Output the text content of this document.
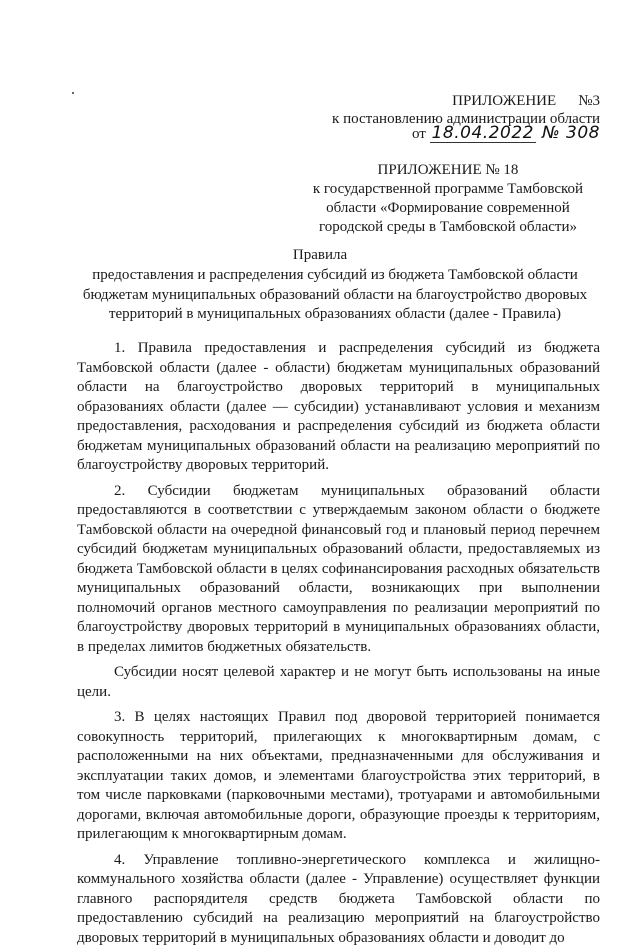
ПРИЛОЖЕНИЕ №3
к постановлению администрации области
от 18.04.2022 № 308
ПРИЛОЖЕНИЕ № 18
к государственной программе Тамбовской
области «Формирование современной
городской среды в Тамбовской области»
Правила
предоставления и распределения субсидий из бюджета Тамбовской области бюджетам муниципальных образований области на благоустройство дворовых территорий в муниципальных образованиях области (далее - Правила)

1. Правила предоставления и распределения субсидий из бюджета Тамбовской области (далее - области) бюджетам муниципальных образований области на благоустройство дворовых территорий в муниципальных образованиях области (далее — субсидии) устанавливают условия и механизм предоставления, расходования и распределения субсидий из бюджета области бюджетам муниципальных образований области на реализацию мероприятий по благоустройству дворовых территорий.

2. Субсидии бюджетам муниципальных образований области предоставляются в соответствии с утверждаемым законом области о бюджете Тамбовской области на очередной финансовый год и плановый период перечнем субсидий бюджетам муниципальных образований области, предоставляемых из бюджета Тамбовской области в целях софинансирования расходных обязательств муниципальных образований области, возникающих при выполнении полномочий органов местного самоуправления по реализации мероприятий по благоустройству дворовых территорий в муниципальных образованиях области, в пределах лимитов бюджетных обязательств.

Субсидии носят целевой характер и не могут быть использованы на иные цели.

3. В целях настоящих Правил под дворовой территорией понимается совокупность территорий, прилегающих к многоквартирным домам, с расположенными на них объектами, предназначенными для обслуживания и эксплуатации таких домов, и элементами благоустройства этих территорий, в том числе парковками (парковочными местами), тротуарами и автомобильными дорогами, включая автомобильные дороги, образующие проезды к территориям, прилегающим к многоквартирным домам.

4. Управление топливно-энергетического комплекса и жилищно-коммунального хозяйства области (далее - Управление) осуществляет функции главного распорядителя средств бюджета Тамбовской области по предоставлению субсидий на реализацию мероприятий на благоустройство дворовых территорий в муниципальных образованиях области и доводит до
